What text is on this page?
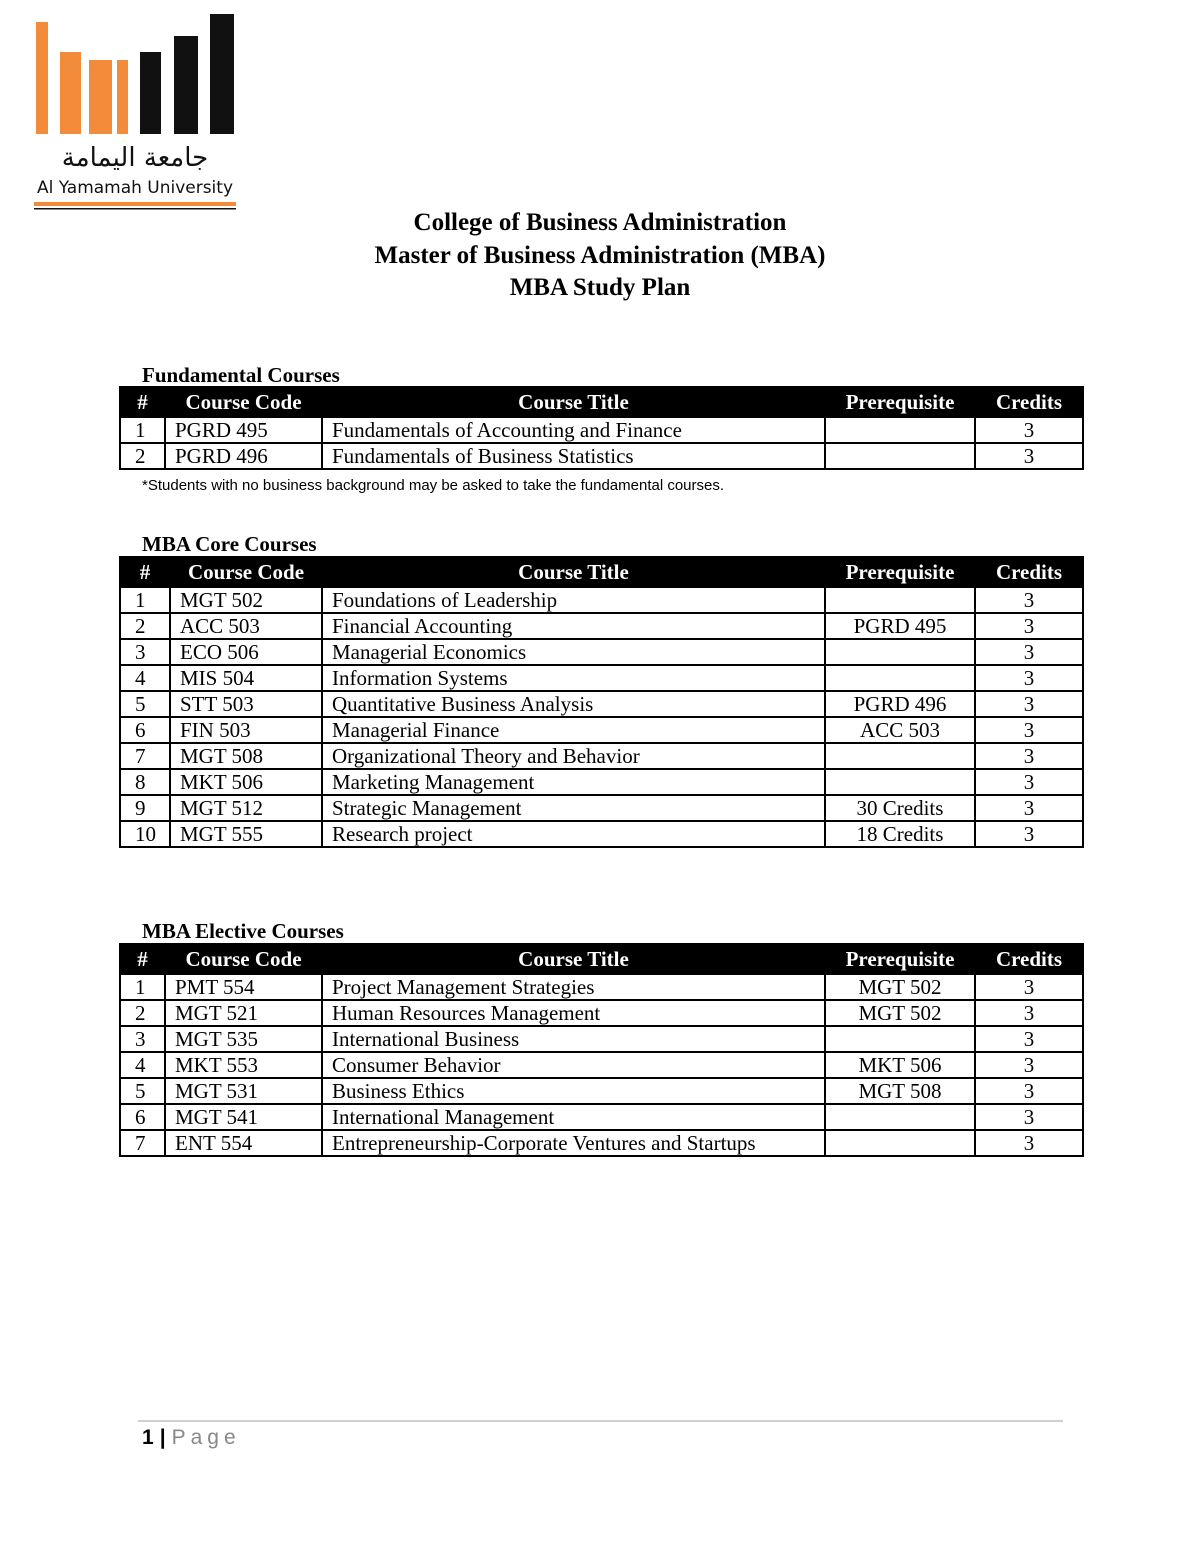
جامعة اليمامة
Al Yamamah University
College of Business Administration
Master of Business Administration (MBA)
MBA Study Plan
Fundamental Courses
#	Course Code	Course Title	Prerequisite	Credits
1	PGRD 495	Fundamentals of Accounting and Finance		3
2	PGRD 496	Fundamentals of Business Statistics		3
*Students with no business background may be asked to take the fundamental courses.
MBA Core Courses
#	Course Code	Course Title	Prerequisite	Credits
1	MGT 502	Foundations of Leadership		3
2	ACC 503	Financial Accounting	PGRD 495	3
3	ECO 506	Managerial Economics		3
4	MIS 504	Information Systems		3
5	STT 503	Quantitative Business Analysis	PGRD 496	3
6	FIN 503	Managerial Finance	ACC 503	3
7	MGT 508	Organizational Theory and Behavior		3
8	MKT 506	Marketing Management		3
9	MGT 512	Strategic Management	30 Credits	3
10	MGT 555	Research project	18 Credits	3
MBA Elective Courses
#	Course Code	Course Title	Prerequisite	Credits
1	PMT 554	Project Management Strategies	MGT 502	3
2	MGT 521	Human Resources Management	MGT 502	3
3	MGT 535	International Business		3
4	MKT 553	Consumer Behavior	MKT 506	3
5	MGT 531	Business Ethics	MGT 508	3
6	MGT 541	International Management		3
7	ENT 554	Entrepreneurship-Corporate Ventures and Startups		3
1 | Page
